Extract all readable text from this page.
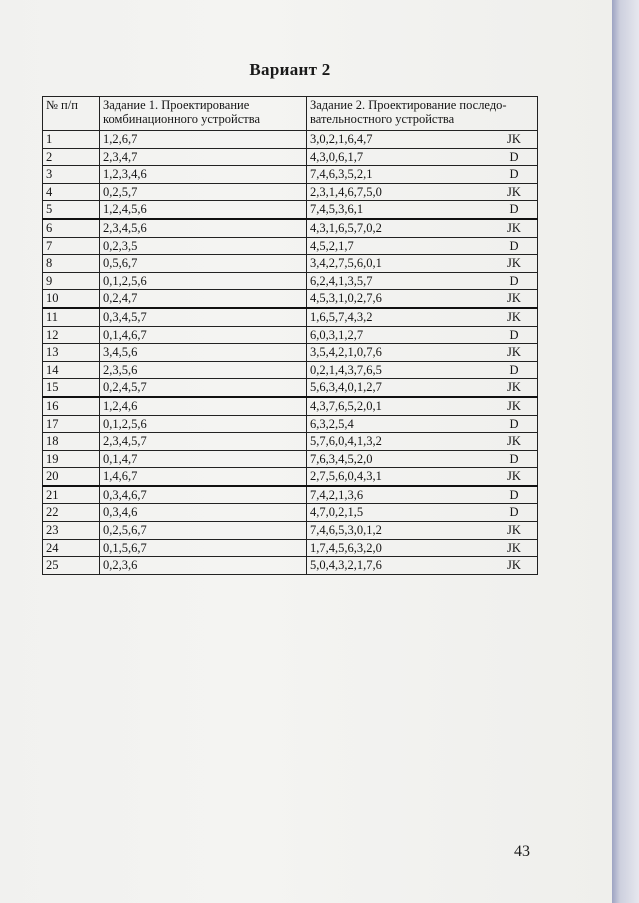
Вариант 2
№ п/п	Задание 1. Проектирование комбинационного устройства	Задание 2. Проектирование последо-вательностного устройства	
1	1,2,6,7	3,0,2,1,6,4,7	JK
2	2,3,4,7	4,3,0,6,1,7	D
3	1,2,3,4,6	7,4,6,3,5,2,1	D
4	0,2,5,7	2,3,1,4,6,7,5,0	JK
5	1,2,4,5,6	7,4,5,3,6,1	D
6	2,3,4,5,6	4,3,1,6,5,7,0,2	JK
7	0,2,3,5	4,5,2,1,7	D
8	0,5,6,7	3,4,2,7,5,6,0,1	JK
9	0,1,2,5,6	6,2,4,1,3,5,7	D
10	0,2,4,7	4,5,3,1,0,2,7,6	JK
11	0,3,4,5,7	1,6,5,7,4,3,2	JK
12	0,1,4,6,7	6,0,3,1,2,7	D
13	3,4,5,6	3,5,4,2,1,0,7,6	JK
14	2,3,5,6	0,2,1,4,3,7,6,5	D
15	0,2,4,5,7	5,6,3,4,0,1,2,7	JK
16	1,2,4,6	4,3,7,6,5,2,0,1	JK
17	0,1,2,5,6	6,3,2,5,4	D
18	2,3,4,5,7	5,7,6,0,4,1,3,2	JK
19	0,1,4,7	7,6,3,4,5,2,0	D
20	1,4,6,7	2,7,5,6,0,4,3,1	JK
21	0,3,4,6,7	7,4,2,1,3,6	D
22	0,3,4,6	4,7,0,2,1,5	D
23	0,2,5,6,7	7,4,6,5,3,0,1,2	JK
24	0,1,5,6,7	1,7,4,5,6,3,2,0	JK
25	0,2,3,6	5,0,4,3,2,1,7,6	JK
43
